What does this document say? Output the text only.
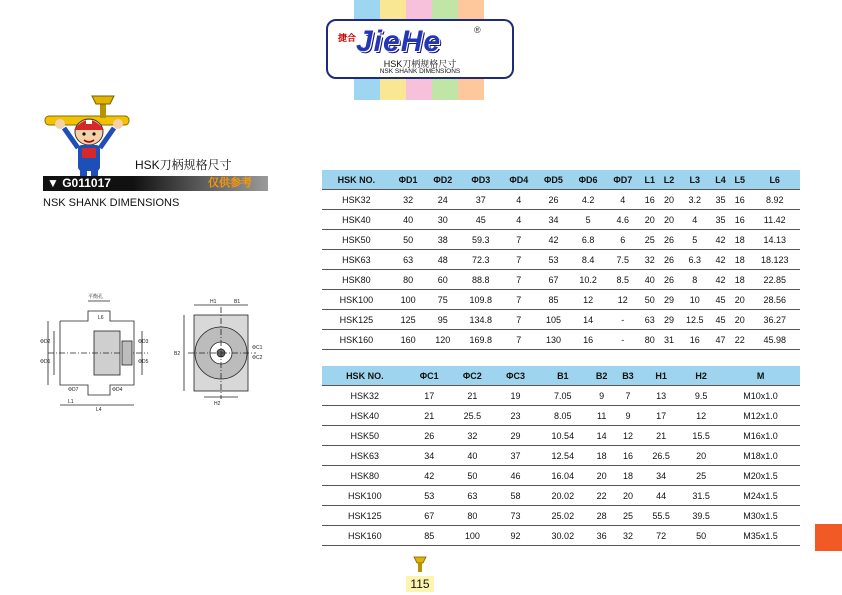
捷合 JieHe	®
HSK刀柄规格尺寸
NSK SHANK DIMENSIONS
HSK刀柄规格尺寸
▼ G011017	仅供参考
NSK SHANK DIMENSIONS
平衡孔
ΦD2
ΦD1
ΦD3
ΦD5
L1
L4
L6
ΦD7	ΦD4
H1	B1
H2
B2
ΦC1
ΦC2
HSK NO.	ΦD1	ΦD2	ΦD3	ΦD4	ΦD5	ΦD6	ΦD7	L1	L2	L3	L4	L5	L6
HSK32	32	24	37	4	26	4.2	4	16	20	3.2	35	16	8.92
HSK40	40	30	45	4	34	5	4.6	20	20	4	35	16	11.42
HSK50	50	38	59.3	7	42	6.8	6	25	26	5	42	18	14.13
HSK63	63	48	72.3	7	53	8.4	7.5	32	26	6.3	42	18	18.123
HSK80	80	60	88.8	7	67	10.2	8.5	40	26	8	42	18	22.85
HSK100	100	75	109.8	7	85	12	12	50	29	10	45	20	28.56
HSK125	125	95	134.8	7	105	14	-	63	29	12.5	45	20	36.27
HSK160	160	120	169.8	7	130	16	-	80	31	16	47	22	45.98
HSK NO.	ΦC1	ΦC2	ΦC3	B1	B2	B3	H1	H2	M
HSK32	17	21	19	7.05	9	7	13	9.5	M10x1.0
HSK40	21	25.5	23	8.05	11	9	17	12	M12x1.0
HSK50	26	32	29	10.54	14	12	21	15.5	M16x1.0
HSK63	34	40	37	12.54	18	16	26.5	20	M18x1.0
HSK80	42	50	46	16.04	20	18	34	25	M20x1.5
HSK100	53	63	58	20.02	22	20	44	31.5	M24x1.5
HSK125	67	80	73	25.02	28	25	55.5	39.5	M30x1.5
HSK160	85	100	92	30.02	36	32	72	50	M35x1.5
115
